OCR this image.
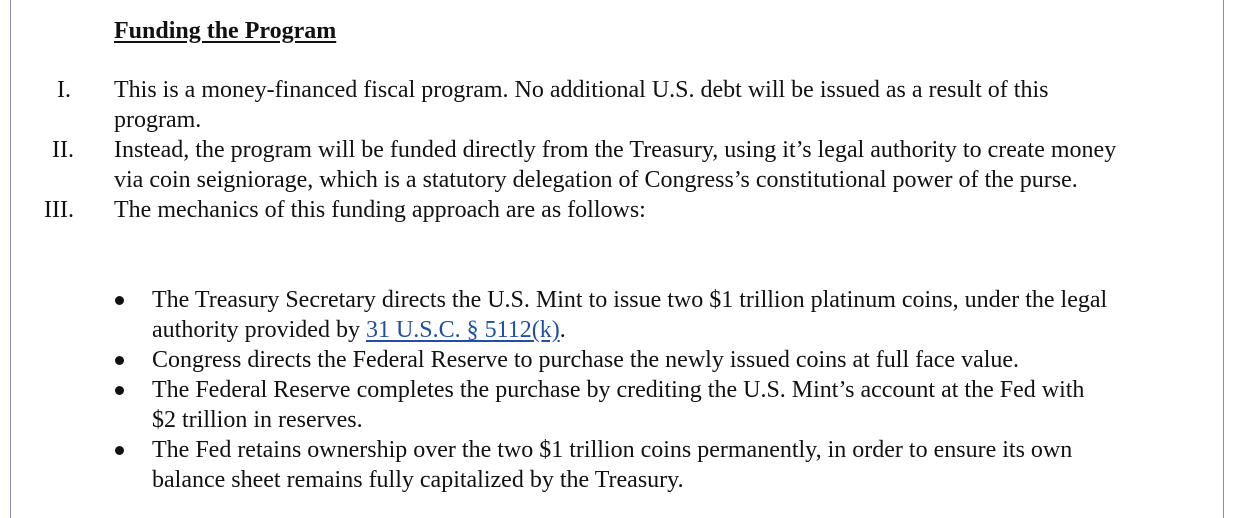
Funding the Program
I.	This is a money-financed fiscal program. No additional U.S. debt will be issued as a result of this program.
II.	Instead, the program will be funded directly from the Treasury, using it’s legal authority to create money via coin seigniorage, which is a statutory delegation of Congress’s constitutional power of the purse.
III.	The mechanics of this funding approach are as follows:
The Treasury Secretary directs the U.S. Mint to issue two $1 trillion platinum coins, under the legal authority provided by 31 U.S.C. § 5112(k).
Congress directs the Federal Reserve to purchase the newly issued coins at full face value.
The Federal Reserve completes the purchase by crediting the U.S. Mint’s account at the Fed with $2 trillion in reserves.
The Fed retains ownership over the two $1 trillion coins permanently, in order to ensure its own balance sheet remains fully capitalized by the Treasury.
